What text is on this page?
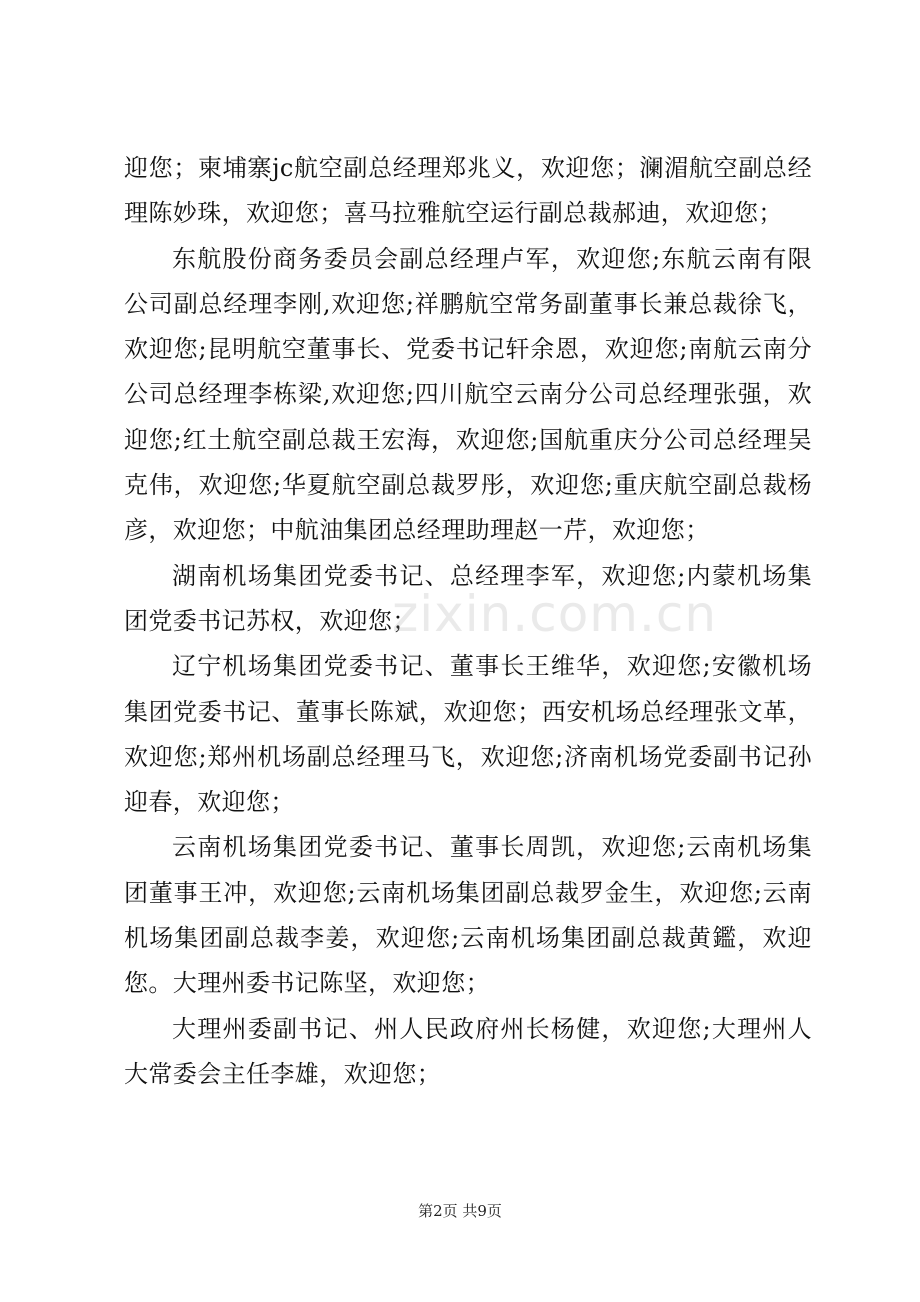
迎您；柬埔寨jc航空副总经理郑兆义，欢迎您；澜湄航空副总经理陈妙珠，欢迎您；喜马拉雅航空运行副总裁郝迪，欢迎您；

东航股份商务委员会副总经理卢军，欢迎您;东航云南有限公司副总经理李刚,欢迎您;祥鹏航空常务副董事长兼总裁徐飞，欢迎您;昆明航空董事长、党委书记轩余恩，欢迎您;南航云南分公司总经理李栋梁,欢迎您;四川航空云南分公司总经理张强，欢迎您;红土航空副总裁王宏海，欢迎您;国航重庆分公司总经理吴克伟，欢迎您;华夏航空副总裁罗彤，欢迎您;重庆航空副总裁杨彦，欢迎您；中航油集团总经理助理赵一芹，欢迎您；

湖南机场集团党委书记、总经理李军，欢迎您;内蒙机场集团党委书记苏权，欢迎您；

辽宁机场集团党委书记、董事长王维华，欢迎您;安徽机场集团党委书记、董事长陈斌，欢迎您；西安机场总经理张文革，欢迎您;郑州机场副总经理马飞，欢迎您;济南机场党委副书记孙迎春，欢迎您；

云南机场集团党委书记、董事长周凯，欢迎您;云南机场集团董事王冲，欢迎您;云南机场集团副总裁罗金生，欢迎您;云南机场集团副总裁李姜，欢迎您;云南机场集团副总裁黄鑑，欢迎您。大理州委书记陈坚，欢迎您；

大理州委副书记、州人民政府州长杨健，欢迎您;大理州人大常委会主任李雄，欢迎您；

zixin.com.cn
第2页 共9页
